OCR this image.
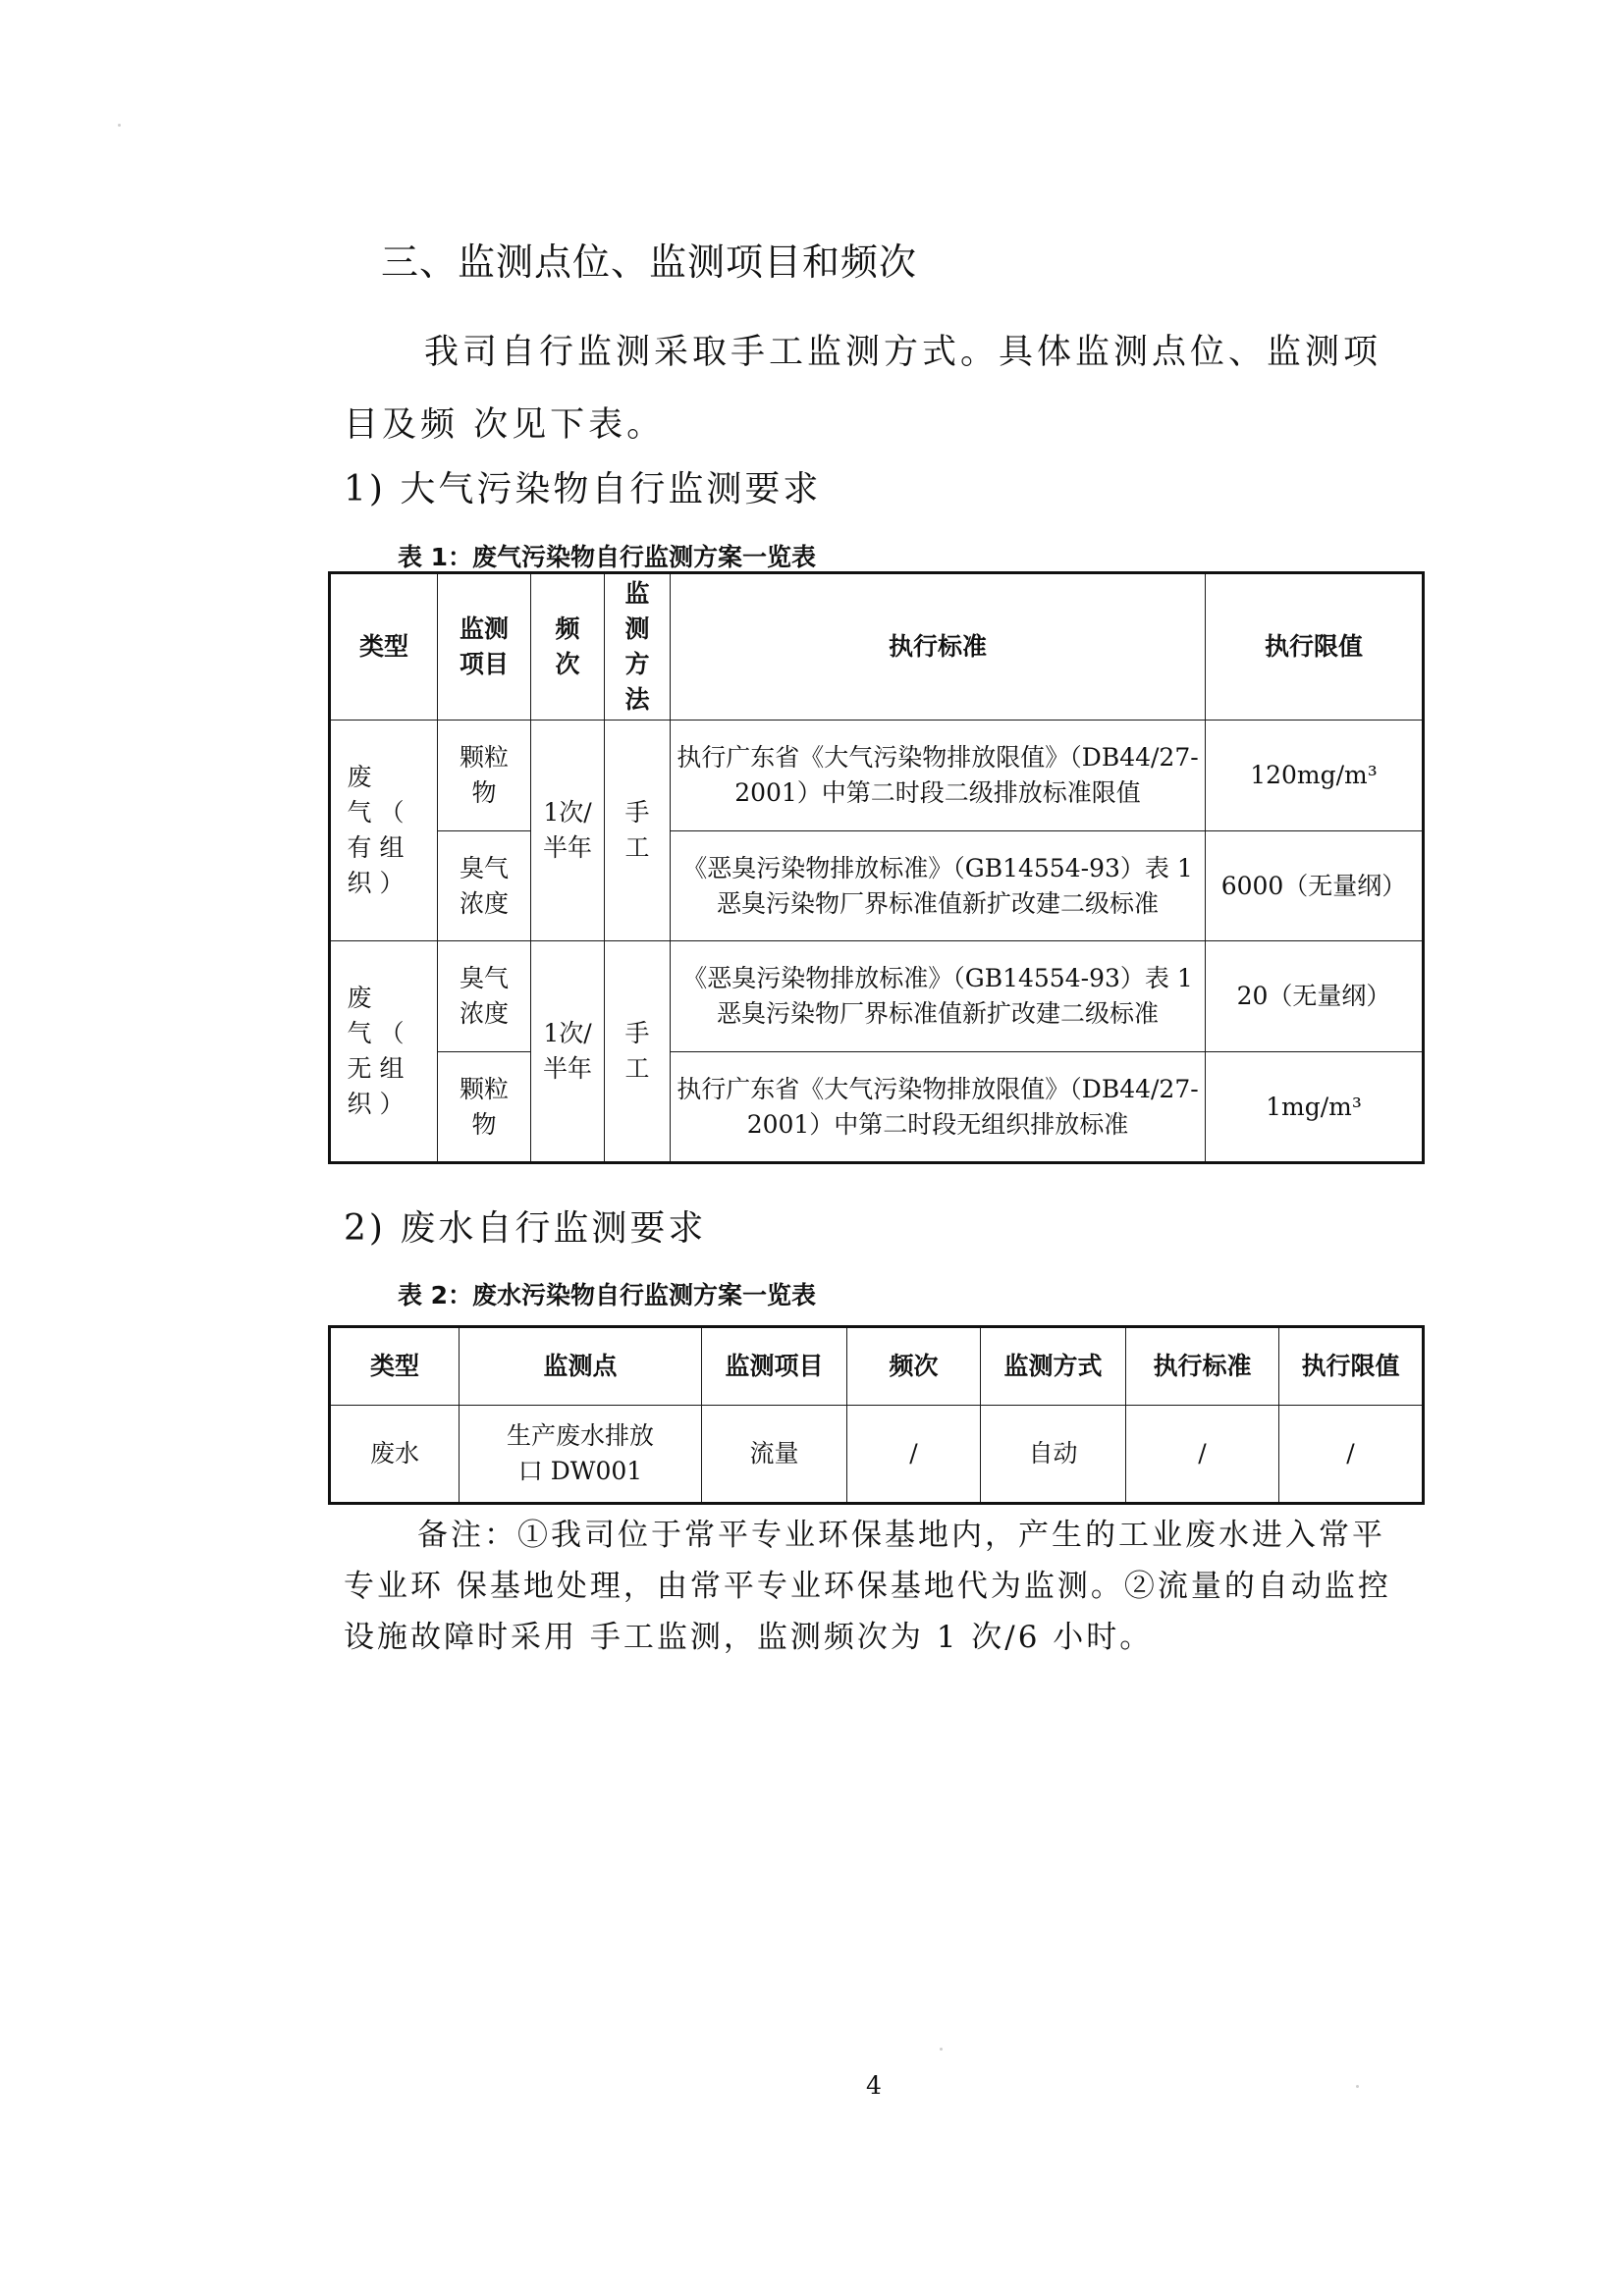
三、监测点位、监测项目和频次
我司自行监测采取手工监测方式。具体监测点位、监测项目及频 次见下表。
1) 大气污染物自行监测要求
表 1：废气污染物自行监测方案一览表
类型	监测项目	频次	监测方法	执行标准	执行限值
废 气（ 有组织）	颗粒物	1次/半年	手工	执行广东省《大气污染物排放限值》（DB44/27-2001）中第二时段二级排放标准限值	120mg/m³
	臭气浓度			《恶臭污染物排放标准》（GB14554-93）表 1 恶臭污染物厂界标准值新扩改建二级标准	6000（无量纲）
废 气（ 无组织）	臭气浓度	1次/半年	手工	《恶臭污染物排放标准》（GB14554-93）表 1 恶臭污染物厂界标准值新扩改建二级标准	20（无量纲）
	颗粒物			执行广东省《大气污染物排放限值》（DB44/27-2001）中第二时段无组织排放标准	1mg/m³
2) 废水自行监测要求
表 2：废水污染物自行监测方案一览表
类型	监测点	监测项目	频次	监测方式	执行标准	执行限值
废水	生产废水排放口 DW001	流量	/	自动	/	/
备注：①我司位于常平专业环保基地内，产生的工业废水进入常平专业环 保基地处理，由常平专业环保基地代为监测。②流量的自动监控设施故障时采用 手工监测，监测频次为 1 次/6 小时。
4
